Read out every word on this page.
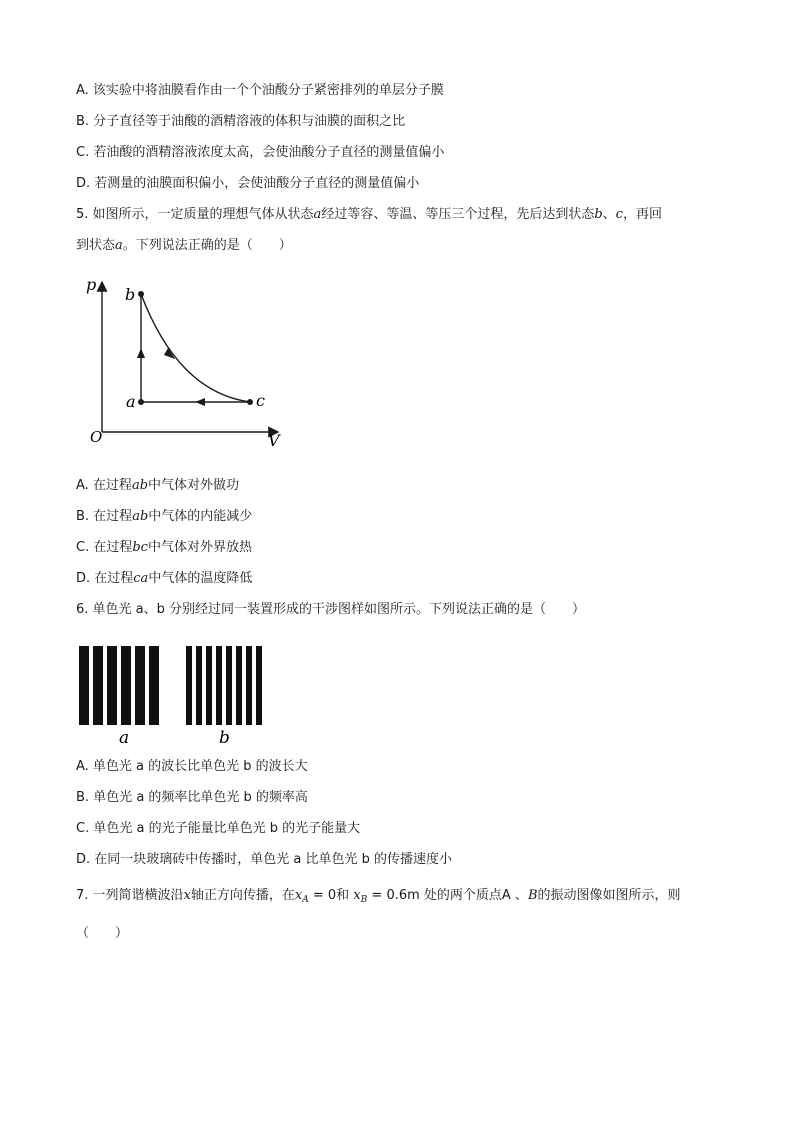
A. 该实验中将油膜看作由一个个油酸分子紧密排列的单层分子膜
B. 分子直径等于油酸的酒精溶液的体积与油膜的面积之比
C. 若油酸的酒精溶液浓度太高，会使油酸分子直径的测量值偏小
D. 若测量的油膜面积偏小，会使油酸分子直径的测量值偏小
5. 如图所示，一定质量的理想气体从状态a经过等容、等温、等压三个过程，先后达到状态b、c，再回
到状态a。下列说法正确的是（　　）
p
V
O
a
b
c
A. 在过程ab中气体对外做功
B. 在过程ab中气体的内能减少
C. 在过程bc中气体对外界放热
D. 在过程ca中气体的温度降低
6. 单色光 a、b 分别经过同一装置形成的干涉图样如图所示。下列说法正确的是（　　）
a	b
A. 单色光 a 的波长比单色光 b 的波长大
B. 单色光 a 的频率比单色光 b 的频率高
C. 单色光 a 的光子能量比单色光 b 的光子能量大
D. 在同一块玻璃砖中传播时，单色光 a 比单色光 b 的传播速度小
7. 一列简谐横波沿x轴正方向传播，在$x_A = 0$和 $x_B = 0.6m$ 处的两个质点A 、B的振动图像如图所示，则
（　　）
